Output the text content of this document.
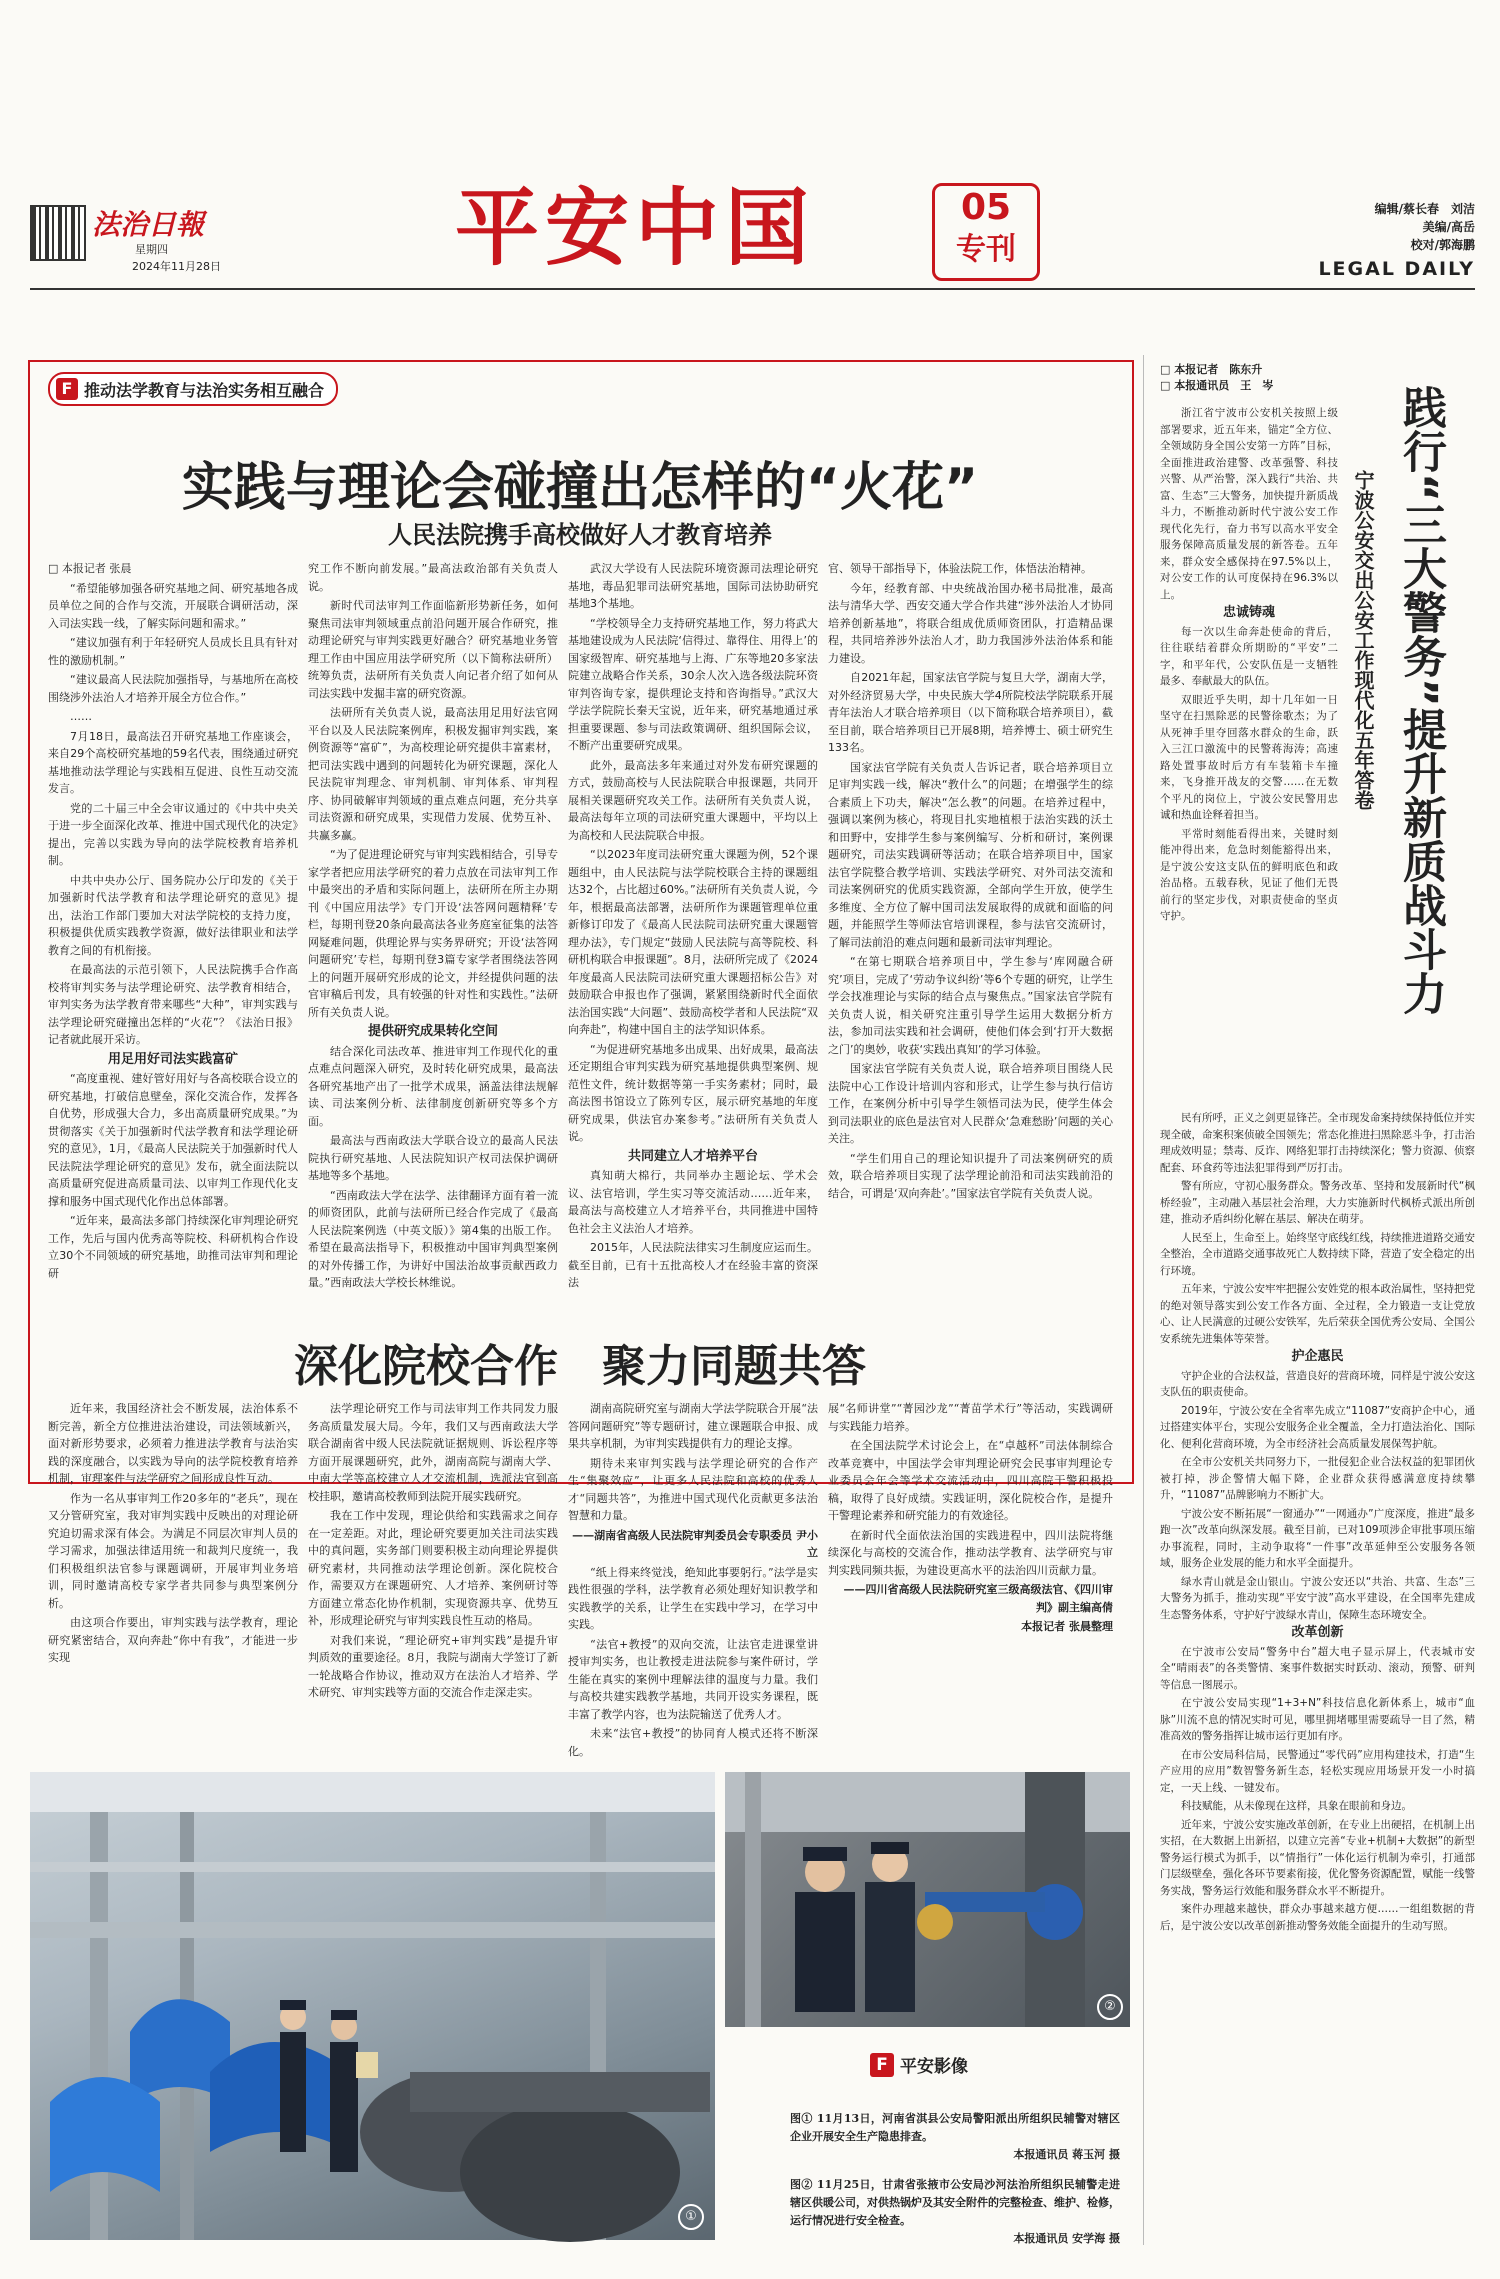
法治日報
星期四
2024年11月28日	平安中国	05
专刊
编辑/蔡长春　刘洁
美编/高岳
校对/郭海鹏
LEGAL DAILY
F 推动法学教育与法治实务相互融合
实践与理论会碰撞出怎样的“火花”
人民法院携手高校做好人才教育培养

□ 本报记者 张晨

“希望能够加强各研究基地之间、研究基地各成员单位之间的合作与交流，开展联合调研活动，深入司法实践一线，了解实际问题和需求。”

“建议加强有利于年轻研究人员成长且具有针对性的激励机制。”

“建议最高人民法院加强指导，与基地所在高校围绕涉外法治人才培养开展全方位合作。”

……

7月18日，最高法召开研究基地工作座谈会，来自29个高校研究基地的59名代表，围绕通过研究基地推动法学理论与实践相互促进、良性互动交流发言。

党的二十届三中全会审议通过的《中共中央关于进一步全面深化改革、推进中国式现代化的决定》提出，完善以实践为导向的法学院校教育培养机制。

中共中央办公厅、国务院办公厅印发的《关于加强新时代法学教育和法学理论研究的意见》提出，法治工作部门要加大对法学院校的支持力度，积极提供优质实践教学资源，做好法律职业和法学教育之间的有机衔接。

在最高法的示范引领下，人民法院携手合作高校将审判实务与法学理论研究、法学教育相结合，审判实务为法学教育带来哪些“大种”，审判实践与法学理论研究碰撞出怎样的“火花”？《法治日报》记者就此展开采访。

用足用好司法实践富矿

“高度重视、建好管好用好与各高校联合设立的研究基地，打破信息壁垒，深化交流合作，发挥各自优势，形成强大合力，多出高质量研究成果。”为贯彻落实《关于加强新时代法学教育和法学理论研究的意见》，1月，《最高人民法院关于加强新时代人民法院法学理论研究的意见》发布，就全面法院以高质量研究促进高质量司法、以审判工作现代化支撑和服务中国式现代化作出总体部署。

“近年来，最高法多部门持续深化审判理论研究工作，先后与国内优秀高等院校、科研机构合作设立30个不同领域的研究基地，助推司法审判和理论研

究工作不断向前发展。”最高法政治部有关负责人说。

新时代司法审判工作面临新形势新任务，如何聚焦司法审判领域重点前沿问题开展合作研究，推动理论研究与审判实践更好融合？研究基地业务管理工作由中国应用法学研究所（以下简称法研所）统筹负责，法研所有关负责人向记者介绍了如何从司法实践中发掘丰富的研究资源。

法研所有关负责人说，最高法用足用好法官网平台以及人民法院案例库，积极发掘审判实践，案例资源等“富矿”，为高校理论研究提供丰富素材，把司法实践中遇到的问题转化为研究课题，深化人民法院审判理念、审判机制、审判体系、审判程序、协同破解审判领域的重点难点问题，充分共享司法资源和研究成果，实现借力发展、优势互补、共赢多赢。

“为了促进理论研究与审判实践相结合，引导专家学者把应用法学研究的着力点放在司法审判工作中最突出的矛盾和实际问题上，法研所在所主办期刊《中国应用法学》专门开设‘法答网问题精释’专栏，每期刊登20条向最高法各业务庭室征集的法答网疑难问题，供理论界与实务界研究；开设‘法答网问题研究’专栏，每期刊登3篇专家学者围绕法答网上的问题开展研究形成的论文，并经提供问题的法官审稿后刊发，具有较强的针对性和实践性。”法研所有关负责人说。

提供研究成果转化空间

结合深化司法改革、推进审判工作现代化的重点难点问题深入研究，及时转化研究成果，最高法各研究基地产出了一批学术成果，涵盖法律法规解读、司法案例分析、法律制度创新研究等多个方面。

最高法与西南政法大学联合设立的最高人民法院执行研究基地、人民法院知识产权司法保护调研基地等多个基地。

“西南政法大学在法学、法律翻译方面有着一流的师资团队，此前与法研所已经合作完成了《最高人民法院案例选（中英文版）》第4集的出版工作。希望在最高法指导下，积极推动中国审判典型案例的对外传播工作，为讲好中国法治故事贡献西政力量。”西南政法大学校长林维说。

武汉大学设有人民法院环境资源司法理论研究基地，毒品犯罪司法研究基地，国际司法协助研究基地3个基地。

“学校领导全力支持研究基地工作，努力将武大基地建设成为人民法院‘信得过、靠得住、用得上’的国家级智库、研究基地与上海、广东等地20多家法院建立战略合作关系，30余人次入选各级法院环资审判咨询专家，提供理论支持和咨询指导。”武汉大学法学院院长秦天宝说，近年来，研究基地通过承担重要课题、参与司法政策调研、组织国际会议，不断产出重要研究成果。

此外，最高法多年来通过对外发布研究课题的方式，鼓励高校与人民法院联合申报课题，共同开展相关课题研究攻关工作。法研所有关负责人说，最高法每年立项的司法研究重大课题中，平均以上为高校和人民法院联合申报。

“以2023年度司法研究重大课题为例，52个课题组中，由人民法院与法学院校联合主持的课题组达32个，占比超过60%。”法研所有关负责人说，今年，根据最高法部署，法研所作为课题管理单位重新修订印发了《最高人民法院司法研究重大课题管理办法》，专门规定“鼓励人民法院与高等院校、科研机构联合申报课题”。8月，法研所完成了《2024年度最高人民法院司法研究重大课题招标公告》对鼓励联合申报也作了强调，紧紧围绕新时代全面依法治国实践“大问题”、鼓励高校学者和人民法院“双向奔赴”，构建中国自主的法学知识体系。

“为促进研究基地多出成果、出好成果，最高法还定期组合审判实践为研究基地提供典型案例、规范性文件，统计数据等第一手实务素材；同时，最高法图书馆设立了陈列专区，展示研究基地的年度研究成果，供法官办案参考。”法研所有关负责人说。

共同建立人才培养平台

真知萌大棉行，共同举办主题论坛、学术会议、法官培训，学生实习等交流活动……近年来，最高法与高校建立人才培养平台，共同推进中国特色社会主义法治人才培养。

2015年，人民法院法律实习生制度应运而生。截至目前，已有十五批高校人才在经验丰富的资深法

官、领导干部指导下，体验法院工作，体悟法治精神。

今年，经教育部、中央统战治国办秘书局批准，最高法与清华大学、西安交通大学合作共建“涉外法治人才协同培养创新基地”，将联合组成优质师资团队，打造精品课程，共同培养涉外法治人才，助力我国涉外法治体系和能力建设。

自2021年起，国家法官学院与复旦大学，湖南大学，对外经济贸易大学，中央民族大学4所院校法学院联系开展青年法治人才联合培养项目（以下简称联合培养项目），截至目前，联合培养项目已开展8期，培养博士、硕士研究生133名。

国家法官学院有关负责人告诉记者，联合培养项目立足审判实践一线，解决“教什么”的问题；在增强学生的综合素质上下功夫，解决“怎么教”的问题。在培养过程中，强调以案例为核心，将现目扎实地植根于法治实践的沃土和田野中，安排学生参与案例编写、分析和研讨，案例课题研究，司法实践调研等活动；在联合培养项目中，国家法官学院整合教学培训、实践法学研究、对外司法交流和司法案例研究的优质实践资源，全部向学生开放，使学生多维度、全方位了解中国司法发展取得的成就和面临的问题，并能照学生等师法官培训课程，参与法官交流研讨，了解司法前沿的难点问题和最新司法审判理论。

“在第七期联合培养项目中，学生参与‘库网融合研究’项目，完成了‘劳动争议纠纷’等6个专题的研究，让学生学会找准理论与实际的结合点与聚焦点。”国家法官学院有关负责人说，相关研究注重引导学生运用大数据分析方法，参加司法实践和社会调研，使他们体会到‘打开大数据之门’的奥妙，收获‘实践出真知’的学习体验。

国家法官学院有关负责人说，联合培养项目围绕人民法院中心工作设计培训内容和形式，让学生参与执行信访工作，在案例分析中引导学生领悟司法为民，使学生体会到司法职业的底色是法官对人民群众‘急难愁盼’问题的关心关注。

“学生们用自己的理论知识提升了司法案例研究的质效，联合培养项目实现了法学理论前沿和司法实践前沿的结合，可谓是‘双向奔赴’。”国家法官学院有关负责人说。

深化院校合作　聚力同题共答

近年来，我国经济社会不断发展，法治体系不断完善，新全方位推进法治建设，司法领域新兴，面对新形势要求，必须着力推进法学教育与法治实践的深度融合，以实践为导向的法学院校教育培养机制，审理案件与法学研究之间形成良性互动。

作为一名从事审判工作20多年的“老兵”，现在又分管研究室，我对审判实践中反映出的对理论研究迫切需求深有体会。为满足不同层次审判人员的学习需求，加强法律适用统一和裁判尺度统一，我们积极组织法官参与课题调研，开展审判业务培训，同时邀请高校专家学者共同参与典型案例分析。

由这项合作要出，审判实践与法学教育，理论研究紧密结合，双向奔赴“你中有我”，才能进一步实现

法学理论研究工作与司法审判工作共同发力服务高质量发展大局。今年，我们又与西南政法大学联合湖南省中级人民法院就证据规则、诉讼程序等方面开展课题研究，此外，湖南高院与湖南大学、中南大学等高校建立人才交流机制，选派法官到高校挂职，邀请高校教师到法院开展实践研究。

我在工作中发现，理论供给和实践需求之间存在一定差距。对此，理论研究要更加关注司法实践中的真问题，实务部门则要积极主动向理论界提供研究素材，共同推动法学理论创新。深化院校合作，需要双方在课题研究、人才培养、案例研讨等方面建立常态化协作机制，实现资源共享、优势互补，形成理论研究与审判实践良性互动的格局。

对我们来说，“理论研究+审判实践”是提升审判质效的重要途径。8月，我院与湖南大学签订了新一轮战略合作协议，推动双方在法治人才培养、学术研究、审判实践等方面的交流合作走深走实。

湖南高院研究室与湖南大学法学院联合开展“法答网问题研究”等专题研讨，建立课题联合申报、成果共享机制，为审判实践提供有力的理论支撑。

期待未来审判实践与法学理论研究的合作产生“集聚效应”，让更多人民法院和高校的优秀人才“同题共答”，为推进中国式现代化贡献更多法治智慧和力量。

——湖南省高级人民法院审判委员会专职委员 尹小立

“纸上得来终觉浅，绝知此事要躬行。”法学是实践性很强的学科，法学教育必须处理好知识教学和实践教学的关系，让学生在实践中学习，在学习中实践。

“法官+教授”的双向交流，让法官走进课堂讲授审判实务，也让教授走进法院参与案件研讨，学生能在真实的案例中理解法律的温度与力量。我们与高校共建实践教学基地，共同开设实务课程，既丰富了教学内容，也为法院输送了优秀人才。

未来“法官+教授”的协同育人模式还将不断深化。

展“名师讲堂”“菁园沙龙”“菁苗学术行”等活动，实践调研与实践能力培养。

在全国法院学术讨论会上，在“卓越杯”司法体制综合改革竞赛中，中国法学会审判理论研究会民事审判理论专业委员会年会等学术交流活动中，四川高院干警积极投稿，取得了良好成绩。实践证明，深化院校合作，是提升干警理论素养和研究能力的有效途径。

在新时代全面依法治国的实践进程中，四川法院将继续深化与高校的交流合作，推动法学教育、法学研究与审判实践同频共振，为建设更高水平的法治四川贡献力量。

——四川省高级人民法院研究室三级高级法官、《四川审判》副主编高倩

本报记者 张晨整理

①
②
F 平安影像
图① 11月13日，河南省淇县公安局警阳派出所组织民辅警对辖区企业开展安全生产隐患排查。
本报通讯员 蒋玉河 摄
图② 11月25日，甘肃省张掖市公安局沙河法治所组织民辅警走进辖区供暖公司，对供热锅炉及其安全附件的完整检查、维护、检修，运行情况进行安全检查。
本报通讯员 安学海 摄
□ 本报记者　陈东升
□ 本报通讯员　王　岑	践行“三大警务”提升新质战斗力
宁波公安交出公安工作现代化五年答卷

浙江省宁波市公安机关按照上级部署要求，近五年来，锚定“全方位、全领域防身全国公安第一方阵”目标，全面推进政治建警、改革强警、科技兴警、从严治警，深入践行“共治、共富、生态”三大警务，加快提升新质战斗力，不断推动新时代宁波公安工作现代化先行，奋力书写以高水平安全服务保障高质量发展的新答卷。五年来，群众安全感保持在97.5%以上，对公安工作的认可度保持在96.3%以上。

忠诚铸魂

每一次以生命奔赴使命的背后，往往联结着群众所期盼的“平安”二字，和平年代，公安队伍是一支牺牲最多、奉献最大的队伍。

双眼近乎失明，却十几年如一日坚守在扫黑除恶的民警徐歌杰；为了从死神手里夺回落水群众的生命，跃入三江口激流中的民警蒋海涛；高速路处置事故时后方有车装箱卡车撞来，飞身推开战友的交警……在无数个平凡的岗位上，宁波公安民警用忠诚和热血诠释着担当。

平常时刻能看得出来，关键时刻能冲得出来，危急时刻能豁得出来，是宁波公安这支队伍的鲜明底色和政治品格。五载春秋，见证了他们无畏前行的坚定步伐，对职责使命的坚贞守护。

民有所呼，正义之剑更显锋芒。全市现发命案持续保持低位并实现全破，命案积案侦破全国领先；常态化推进扫黑除恶斗争，打击治理成效明显；禁毒、反诈、网络犯罪打击持续深化；警力资源、侦察配套、环食药等违法犯罪得到严厉打击。

警有所应，守初心服务群众。警务改革、坚持和发展新时代“枫桥经验”，主动融入基层社会治理，大力实施新时代枫桥式派出所创建，推动矛盾纠纷化解在基层、解决在萌芽。

人民至上，生命至上。始终坚守底线红线，持续推进道路交通安全整治，全市道路交通事故死亡人数持续下降，营造了安全稳定的出行环境。

五年来，宁波公安牢牢把握公安姓党的根本政治属性，坚持把党的绝对领导落实到公安工作各方面、全过程，全力锻造一支让党放心、让人民满意的过硬公安铁军，先后荣获全国优秀公安局、全国公安系统先进集体等荣誉。

护企惠民

守护企业的合法权益，营造良好的营商环境，同样是宁波公安这支队伍的职责使命。

2019年，宁波公安在全省率先成立“11087”安商护企中心，通过搭建实体平台，实现公安服务企业全覆盖，全力打造法治化、国际化、便利化营商环境，为全市经济社会高质量发展保驾护航。

在全市公安机关共同努力下，一批侵犯企业合法权益的犯罪团伙被打掉，涉企警情大幅下降，企业群众获得感满意度持续攀升，“11087”品牌影响力不断扩大。

宁波公安不断拓展“一窗通办”“一网通办”广度深度，推进“最多跑一次”改革向纵深发展。截至目前，已对109项涉企审批事项压缩办事流程，同时，主动争取将“一件事”改革延伸至公安服务各领域，服务企业发展的能力和水平全面提升。

绿水青山就是金山银山。宁波公安还以“共治、共富、生态”三大警务为抓手，推动实现“平安宁波”高水平建设，在全国率先建成生态警务体系，守护好宁波绿水青山，保障生态环境安全。

改革创新

在宁波市公安局“警务中台”超大电子显示屏上，代表城市安全“晴雨表”的各类警情、案事件数据实时跃动、滚动，预警、研判等信息一图展示。

在宁波公安局实现“1+3+N”科技信息化新体系上，城市“血脉”川流不息的情况实时可见，哪里拥堵哪里需要疏导一目了然，精准高效的警务指挥让城市运行更加有序。

在市公安局科信局，民警通过“零代码”应用构建技术，打造“生产应用的应用”数智警务新生态，轻松实现应用场景开发一小时搞定，一天上线、一键发布。

科技赋能，从未像现在这样，具象在眼前和身边。

近年来，宁波公安实施改革创新，在专业上出硬招，在机制上出实招，在大数据上出新招，以建立完善“专业+机制+大数据”的新型警务运行模式为抓手，以“情指行”一体化运行机制为牵引，打通部门层级壁垒，强化各环节要素衔接，优化警务资源配置，赋能一线警务实战，警务运行效能和服务群众水平不断提升。

案件办理越来越快，群众办事越来越方便……一组组数据的背后，是宁波公安以改革创新推动警务效能全面提升的生动写照。
